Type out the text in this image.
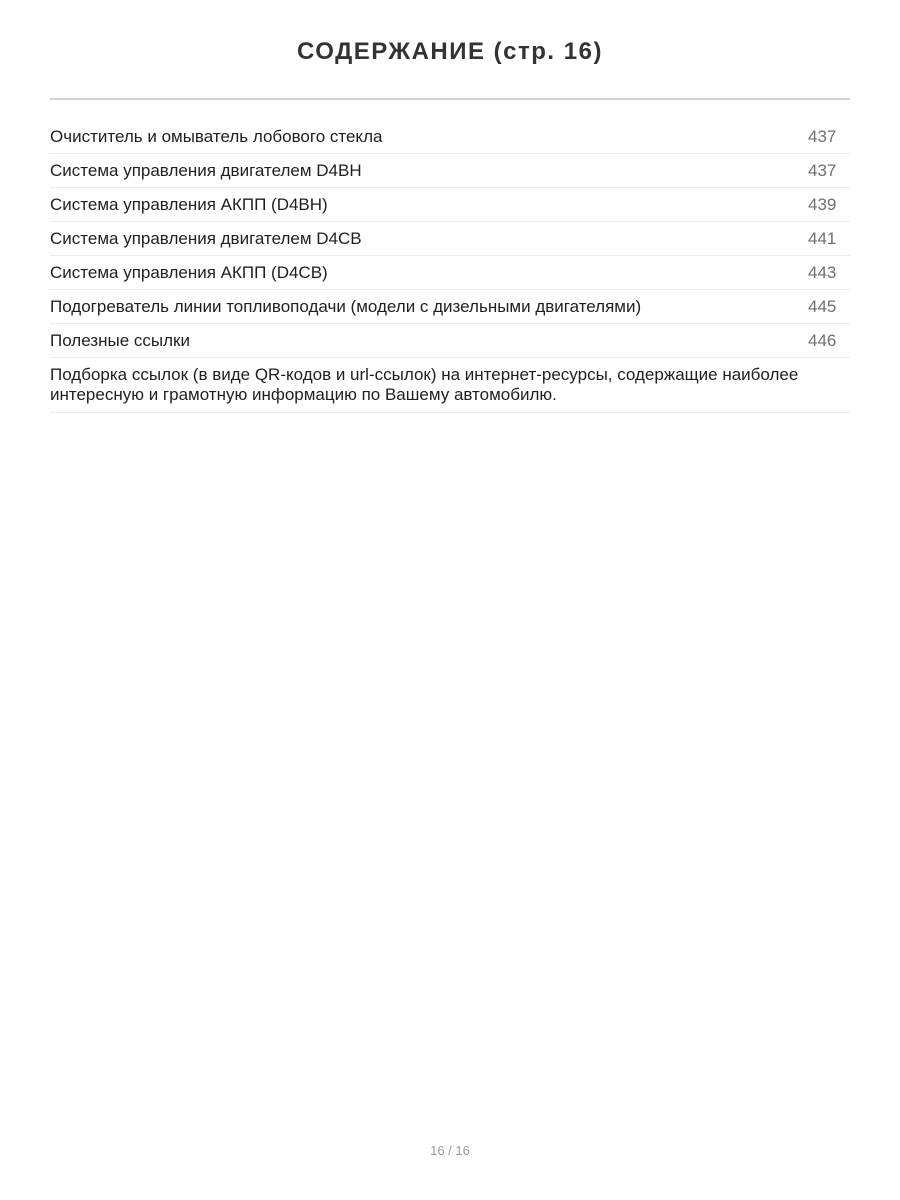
СОДЕРЖАНИЕ (стр. 16)
Очиститель и омыватель лобового стекла	437
Система управления двигателем D4BH	437
Система управления АКПП (D4BH)	439
Система управления двигателем D4CB	441
Система управления АКПП (D4CB)	443
Подогреватель линии топливоподачи (модели с дизельными двигателями)	445
Полезные ссылки	446
Подборка ссылок (в виде QR-кодов и url-ссылок) на интернет-ресурсы, содержащие наиболее интересную и грамотную информацию по Вашему автомобилю.
16 / 16
